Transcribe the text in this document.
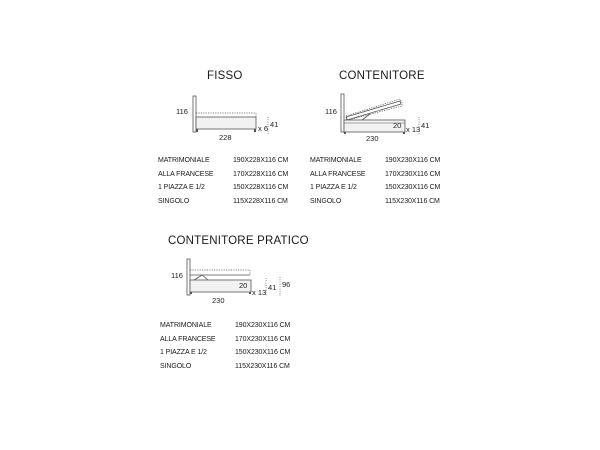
FISSO
116
228
x 6 41
MATRIMONIALE	190X228X116 CM
ALLA FRANCESE	170X228X116 CM
1 PIAZZA E 1/2	150X228X116 CM
SINGOLO	115X228X116 CM
CONTENITORE
116
20
230
x 13 41
MATRIMONIALE	190X230X116 CM
ALLA FRANCESE	170X230X116 CM
1 PIAZZA E 1/2	150X230X116 CM
SINGOLO	115X230X116 CM
CONTENITORE PRATICO
116
20
230
x 13
41 96
MATRIMONIALE	190X230X116 CM
ALLA FRANCESE	170X230X116 CM
1 PIAZZA E 1/2	150X230X116 CM
SINGOLO	115X230X116 CM
